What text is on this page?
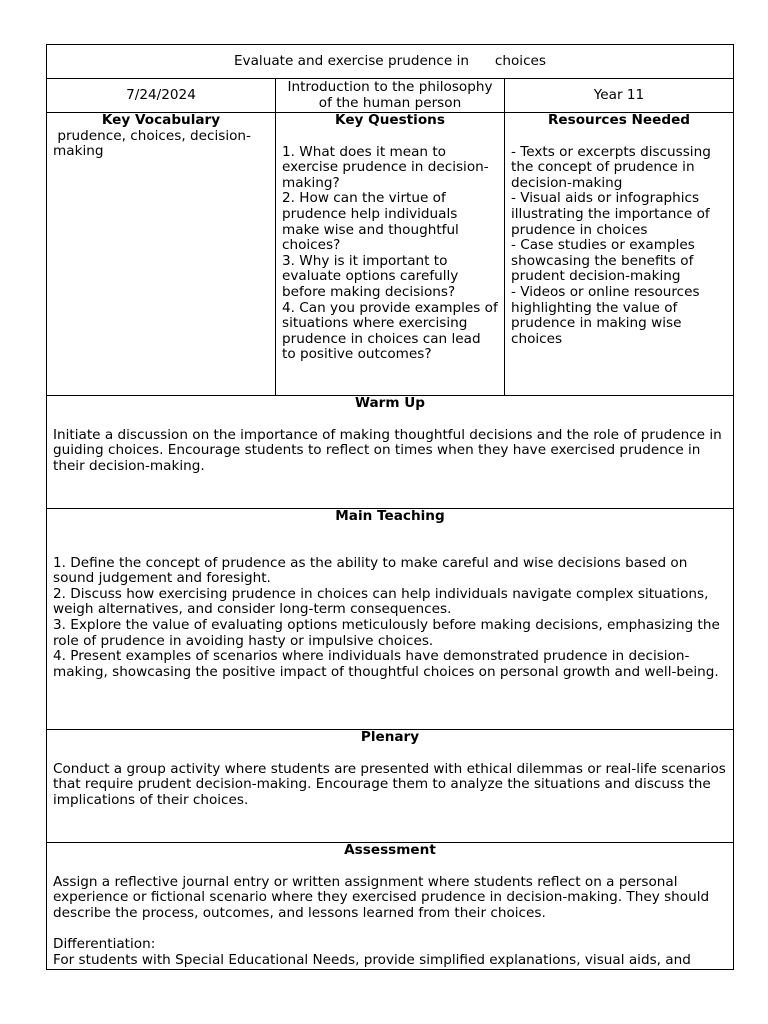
Evaluate and exercise prudence in      choices
7/24/2024	Introduction to the philosophy of the human person	Year 11
Key Vocabulary
prudence, choices, decision-making
Key Questions
1. What does it mean to exercise prudence in decision-making?
2. How can the virtue of prudence help individuals make wise and thoughtful choices?
3. Why is it important to evaluate options carefully before making decisions?
4. Can you provide examples of situations where exercising prudence in choices can lead to positive outcomes?
Resources Needed
- Texts or excerpts discussing the concept of prudence in decision-making
- Visual aids or infographics illustrating the importance of prudence in choices
- Case studies or examples showcasing the benefits of prudent decision-making
- Videos or online resources highlighting the value of prudence in making wise choices
Warm Up
Initiate a discussion on the importance of making thoughtful decisions and the role of prudence in guiding choices. Encourage students to reflect on times when they have exercised prudence in their decision-making.
Main Teaching
1. Define the concept of prudence as the ability to make careful and wise decisions based on sound judgement and foresight.
2. Discuss how exercising prudence in choices can help individuals navigate complex situations, weigh alternatives, and consider long-term consequences.
3. Explore the value of evaluating options meticulously before making decisions, emphasizing the role of prudence in avoiding hasty or impulsive choices.
4. Present examples of scenarios where individuals have demonstrated prudence in decision-making, showcasing the positive impact of thoughtful choices on personal growth and well-being.
Plenary
Conduct a group activity where students are presented with ethical dilemmas or real-life scenarios that require prudent decision-making. Encourage them to analyze the situations and discuss the implications of their choices.
Assessment
Assign a reflective journal entry or written assignment where students reflect on a personal experience or fictional scenario where they exercised prudence in decision-making. They should describe the process, outcomes, and lessons learned from their choices.
Differentiation:
For students with Special Educational Needs, provide simplified explanations, visual aids, and
